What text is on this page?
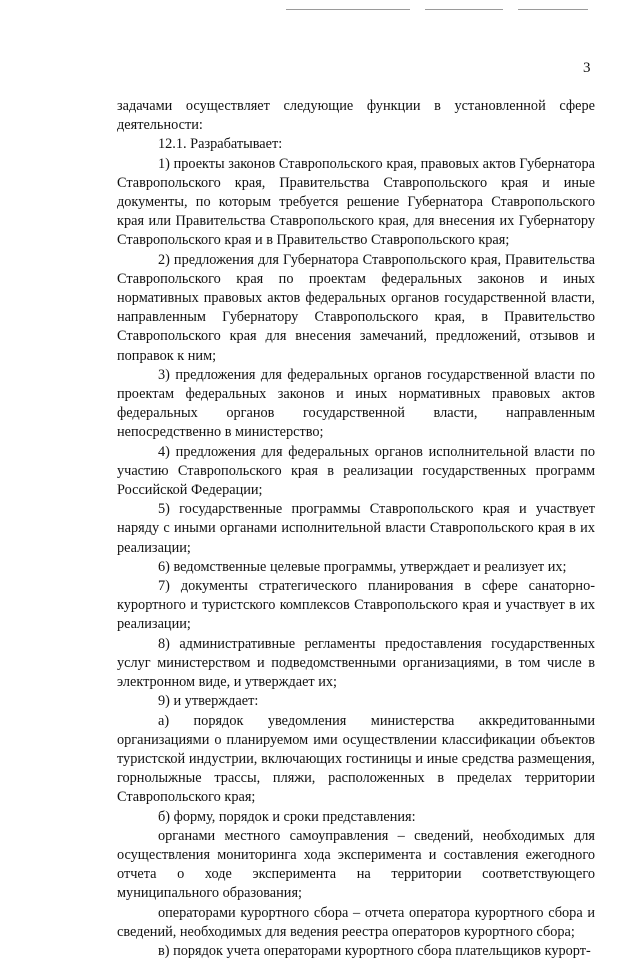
3

задачами осуществляет следующие функции в установленной сфере деятельности:

12.1. Разрабатывает:

1) проекты законов Ставропольского края, правовых актов Губернатора Ставропольского края, Правительства Ставропольского края и иные документы, по которым требуется решение Губернатора Ставропольского края или Правительства Ставропольского края, для внесения их Губернатору Ставропольского края и в Правительство Ставропольского края;

2) предложения для Губернатора Ставропольского края, Правительства Ставропольского края по проектам федеральных законов и иных нормативных правовых актов федеральных органов государственной власти, направленным Губернатору Ставропольского края, в Правительство Ставропольского края для внесения замечаний, предложений, отзывов и поправок к ним;

3) предложения для федеральных органов государственной власти по проектам федеральных законов и иных нормативных правовых актов федеральных органов государственной власти, направленным непосредственно в министерство;

4) предложения для федеральных органов исполнительной власти по участию Ставропольского края в реализации государственных программ Российской Федерации;

5) государственные программы Ставропольского края и участвует наряду с иными органами исполнительной власти Ставропольского края в их реализации;

6) ведомственные целевые программы, утверждает и реализует их;

7) документы стратегического планирования в сфере санаторно-курортного и туристского комплексов Ставропольского края и участвует в их реализации;

8) административные регламенты предоставления государственных услуг министерством и подведомственными организациями, в том числе в электронном виде, и утверждает их;

9) и утверждает:

а) порядок уведомления министерства аккредитованными организациями о планируемом ими осуществлении классификации объектов туристской индустрии, включающих гостиницы и иные средства размещения, горнолыжные трассы, пляжи, расположенных в пределах территории Ставропольского края;

б) форму, порядок и сроки представления:

органами местного самоуправления – сведений, необходимых для осуществления мониторинга хода эксперимента и составления ежегодного отчета о ходе эксперимента на территории соответствующего муниципального образования;

операторами курортного сбора – отчета оператора курортного сбора и сведений, необходимых для ведения реестра операторов курортного сбора;

в) порядок учета операторами курортного сбора плательщиков курорт-
